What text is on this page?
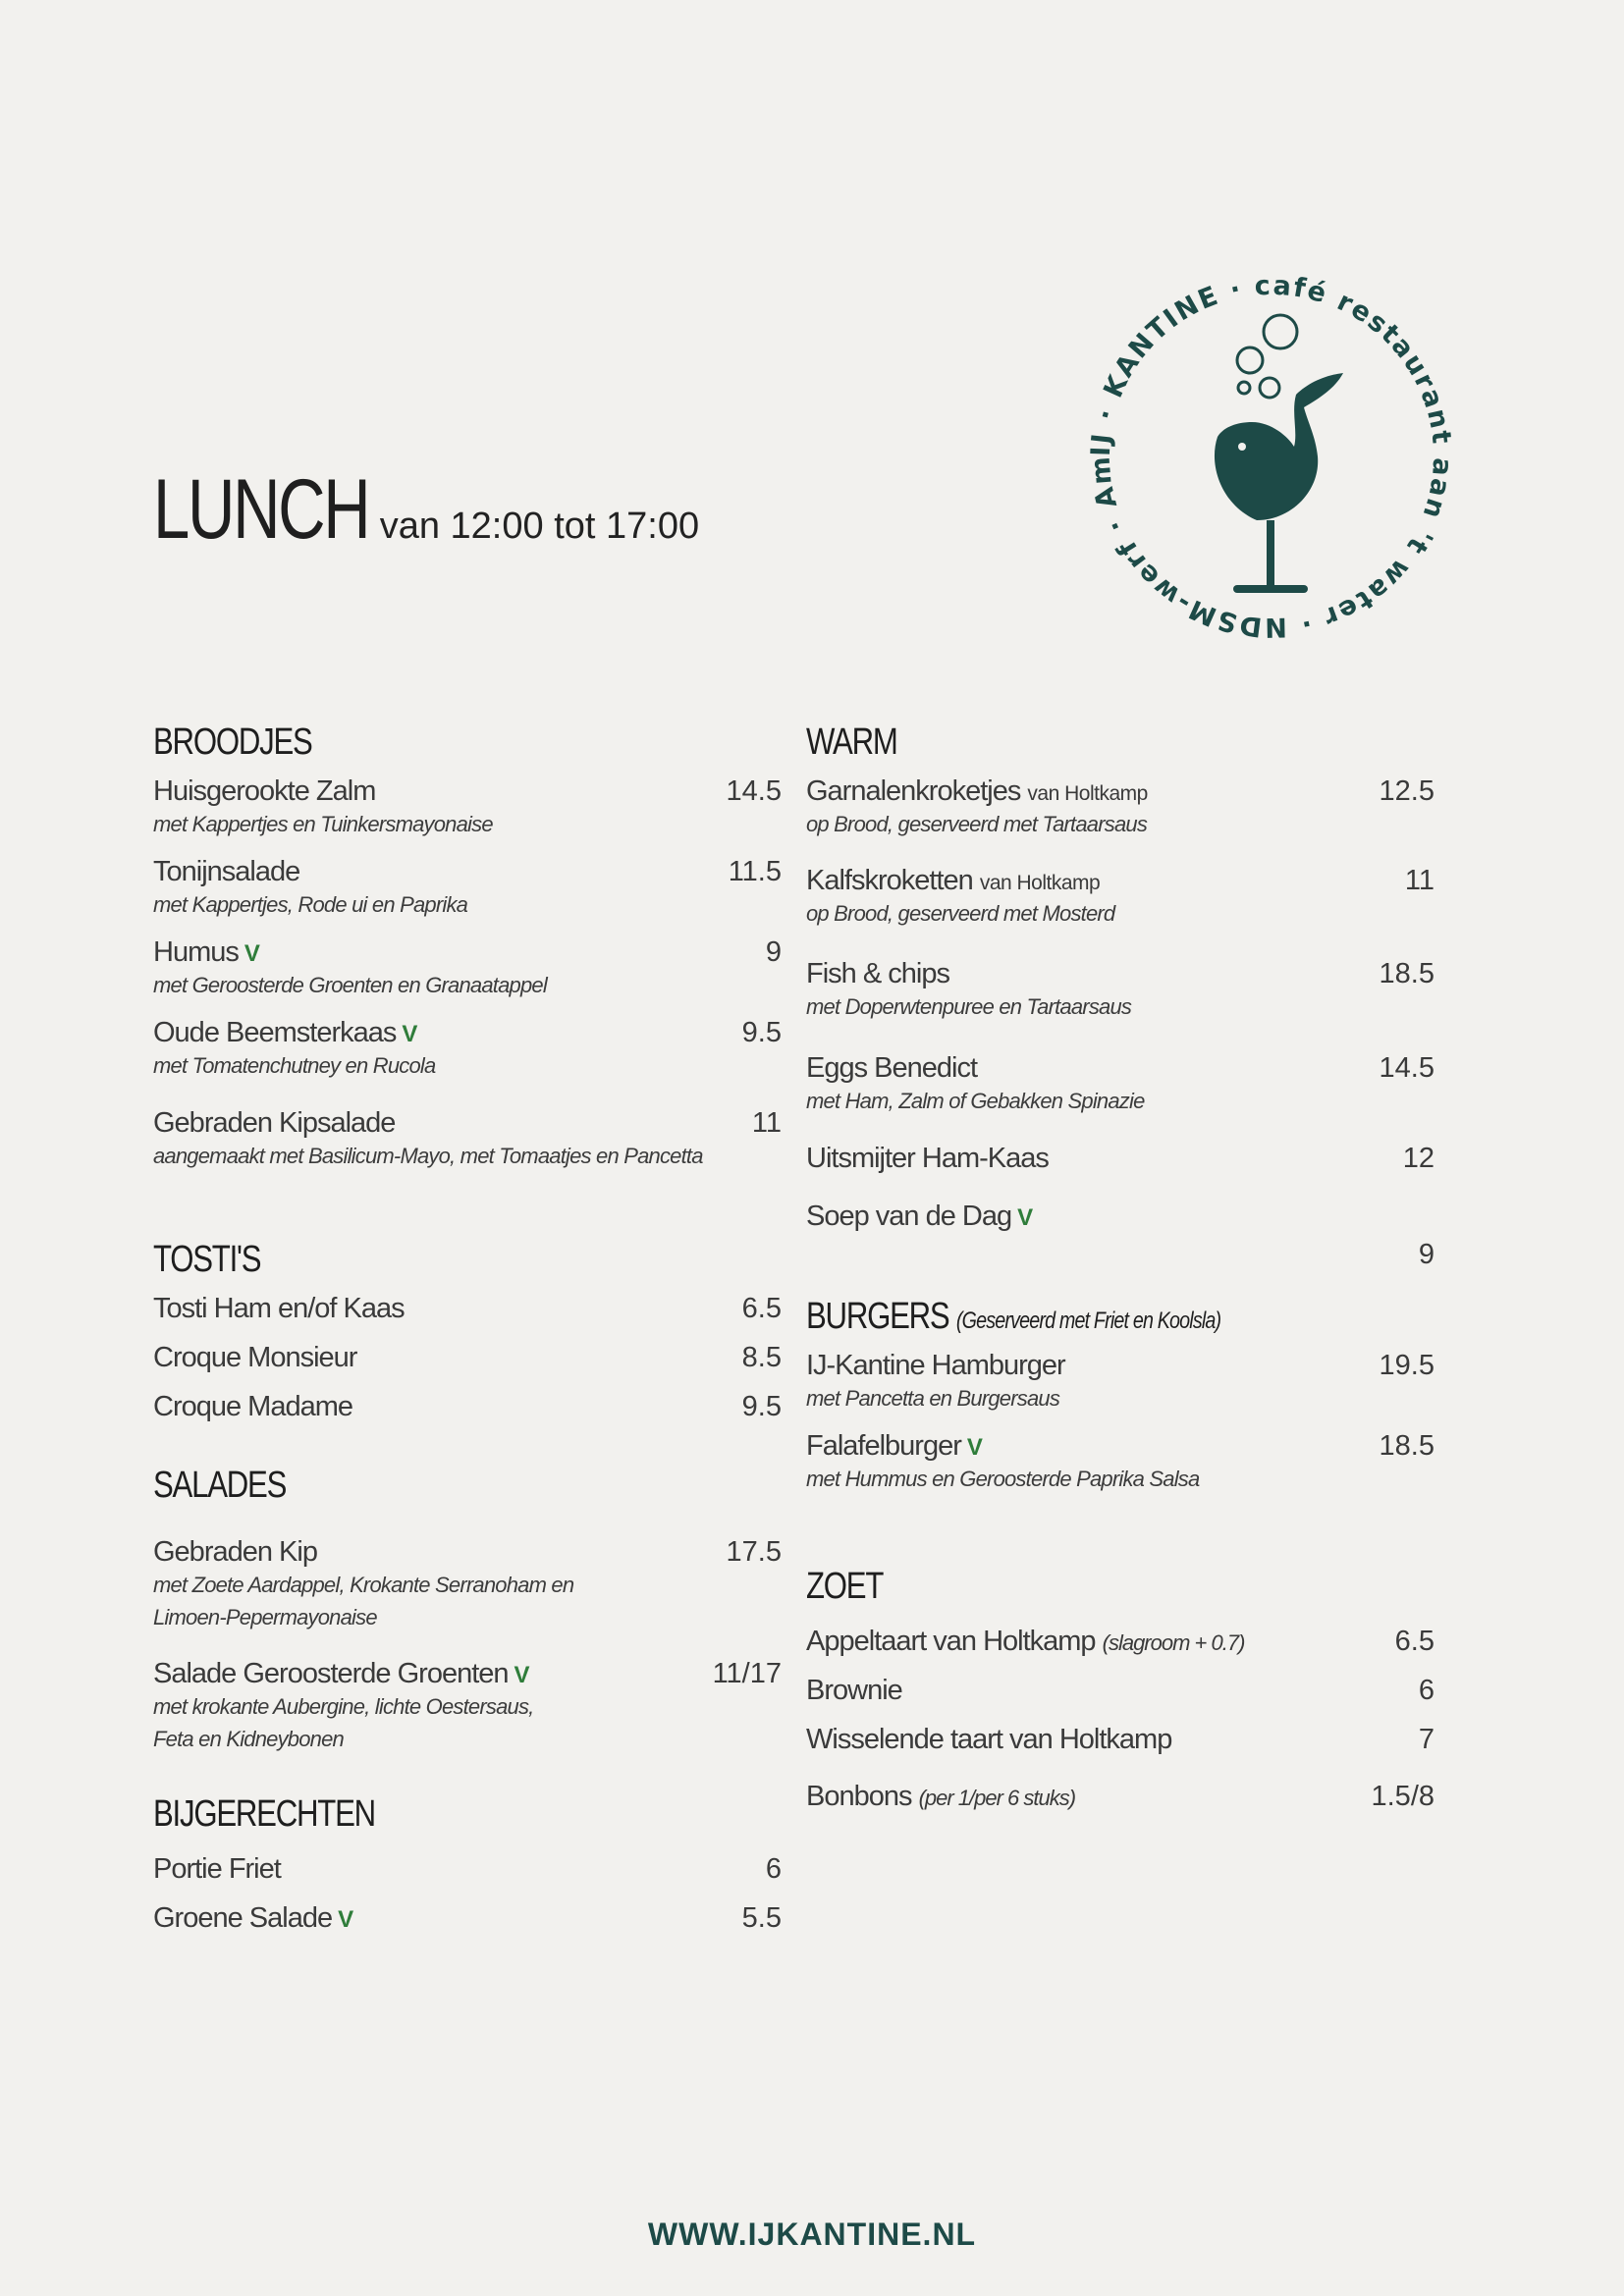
LUNCH van 12:00 tot 17:00
IJ · KANTINE · café restaurant aan 't water · NDSM-werf · Am
BROODJES
Huisgerookte Zalm	14.5
met Kappertjes en Tuinkersmayonaise
Tonijnsalade	11.5
met Kappertjes, Rode ui en Paprika
Humus V	9
met Geroosterde Groenten en Granaatappel
Oude Beemsterkaas V	9.5
met Tomatenchutney en Rucola
Gebraden Kipsalade	11
aangemaakt met Basilicum-Mayo, met Tomaatjes en Pancetta
TOSTI'S
Tosti Ham en/of Kaas	6.5
Croque Monsieur	8.5
Croque Madame	9.5
SALADES
Gebraden Kip	17.5
met Zoete Aardappel, Krokante Serranoham en
Limoen-Pepermayonaise
Salade Geroosterde Groenten V	11/17
met krokante Aubergine, lichte Oestersaus,
Feta en Kidneybonen
BIJGERECHTEN
Portie Friet	6
Groene Salade V	5.5
WARM
Garnalenkroketjes van Holtkamp	12.5
op Brood, geserveerd met Tartaarsaus
Kalfskroketten van Holtkamp	11
op Brood, geserveerd met Mosterd
Fish & chips	18.5
met Doperwtenpuree en Tartaarsaus
Eggs Benedict	14.5
met Ham, Zalm of Gebakken Spinazie
Uitsmijter Ham-Kaas	12
Soep van de Dag V
9
BURGERS (Geserveerd met Friet en Koolsla)
IJ-Kantine Hamburger	19.5
met Pancetta en Burgersaus
Falafelburger V	18.5
met Hummus en Geroosterde Paprika Salsa
ZOET
Appeltaart van Holtkamp (slagroom + 0.7)	6.5
Brownie	6
Wisselende taart van Holtkamp	7
Bonbons (per 1/per 6 stuks)	1.5/8
WWW.IJKANTINE.NL
